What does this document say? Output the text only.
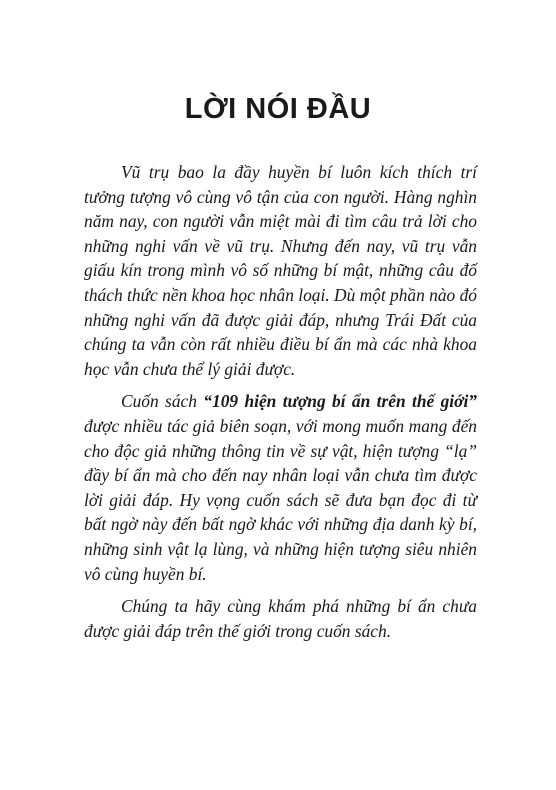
LỜI NÓI ĐẦU

Vũ trụ bao la đầy huyền bí luôn kích thích trí tưởng tượng vô cùng vô tận của con người. Hàng nghìn năm nay, con người vẫn miệt mài đi tìm câu trả lời cho những nghi vấn về vũ trụ. Nhưng đến nay, vũ trụ vẫn giấu kín trong mình vô số những bí mật, những câu đố thách thức nền khoa học nhân loại. Dù một phần nào đó những nghi vấn đã được giải đáp, nhưng Trái Đất của chúng ta vẫn còn rất nhiều điều bí ẩn mà các nhà khoa học vẫn chưa thể lý giải được.

Cuốn sách “109 hiện tượng bí ẩn trên thế giới” được nhiều tác giả biên soạn, với mong muốn mang đến cho độc giả những thông tin về sự vật, hiện tượng “lạ” đầy bí ẩn mà cho đến nay nhân loại vẫn chưa tìm được lời giải đáp. Hy vọng cuốn sách sẽ đưa bạn đọc đi từ bất ngờ này đến bất ngờ khác với những địa danh kỳ bí, những sinh vật lạ lùng, và những hiện tượng siêu nhiên vô cùng huyền bí.

Chúng ta hãy cùng khám phá những bí ẩn chưa được giải đáp trên thế giới trong cuốn sách.
